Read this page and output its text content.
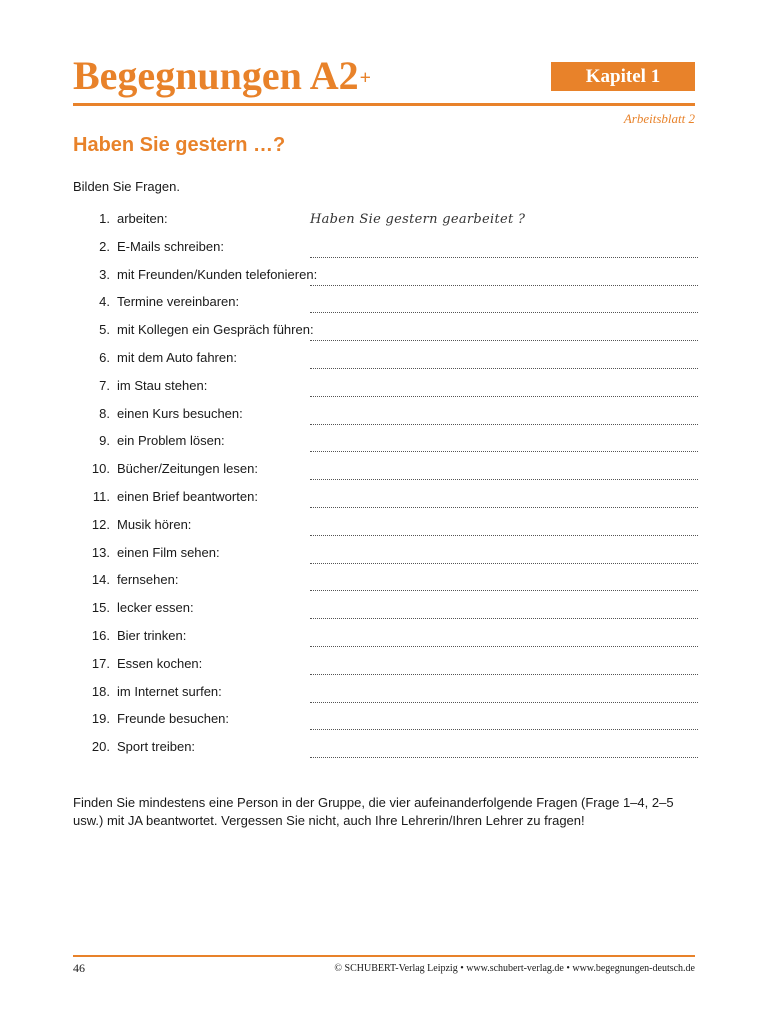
Begegnungen A2+	Kapitel 1
Arbeitsblatt 2
Haben Sie gestern …?
Bilden Sie Fragen.
1. arbeiten:	Haben Sie gestern gearbeitet ?
2. E-Mails schreiben:
3. mit Freunden/Kunden telefonieren:
4. Termine vereinbaren:
5. mit Kollegen ein Gespräch führen:
6. mit dem Auto fahren:
7. im Stau stehen:
8. einen Kurs besuchen:
9. ein Problem lösen:
10. Bücher/Zeitungen lesen:
11. einen Brief beantworten:
12. Musik hören:
13. einen Film sehen:
14. fernsehen:
15. lecker essen:
16. Bier trinken:
17. Essen kochen:
18. im Internet surfen:
19. Freunde besuchen:
20. Sport treiben:
Finden Sie mindestens eine Person in der Gruppe, die vier aufeinanderfolgende Fragen (Frage 1–4, 2–5 usw.) mit JA beantwortet. Vergessen Sie nicht, auch Ihre Lehrerin/Ihren Lehrer zu fragen!
46	© SCHUBERT-Verlag Leipzig • www.schubert-verlag.de • www.begegnungen-deutsch.de
